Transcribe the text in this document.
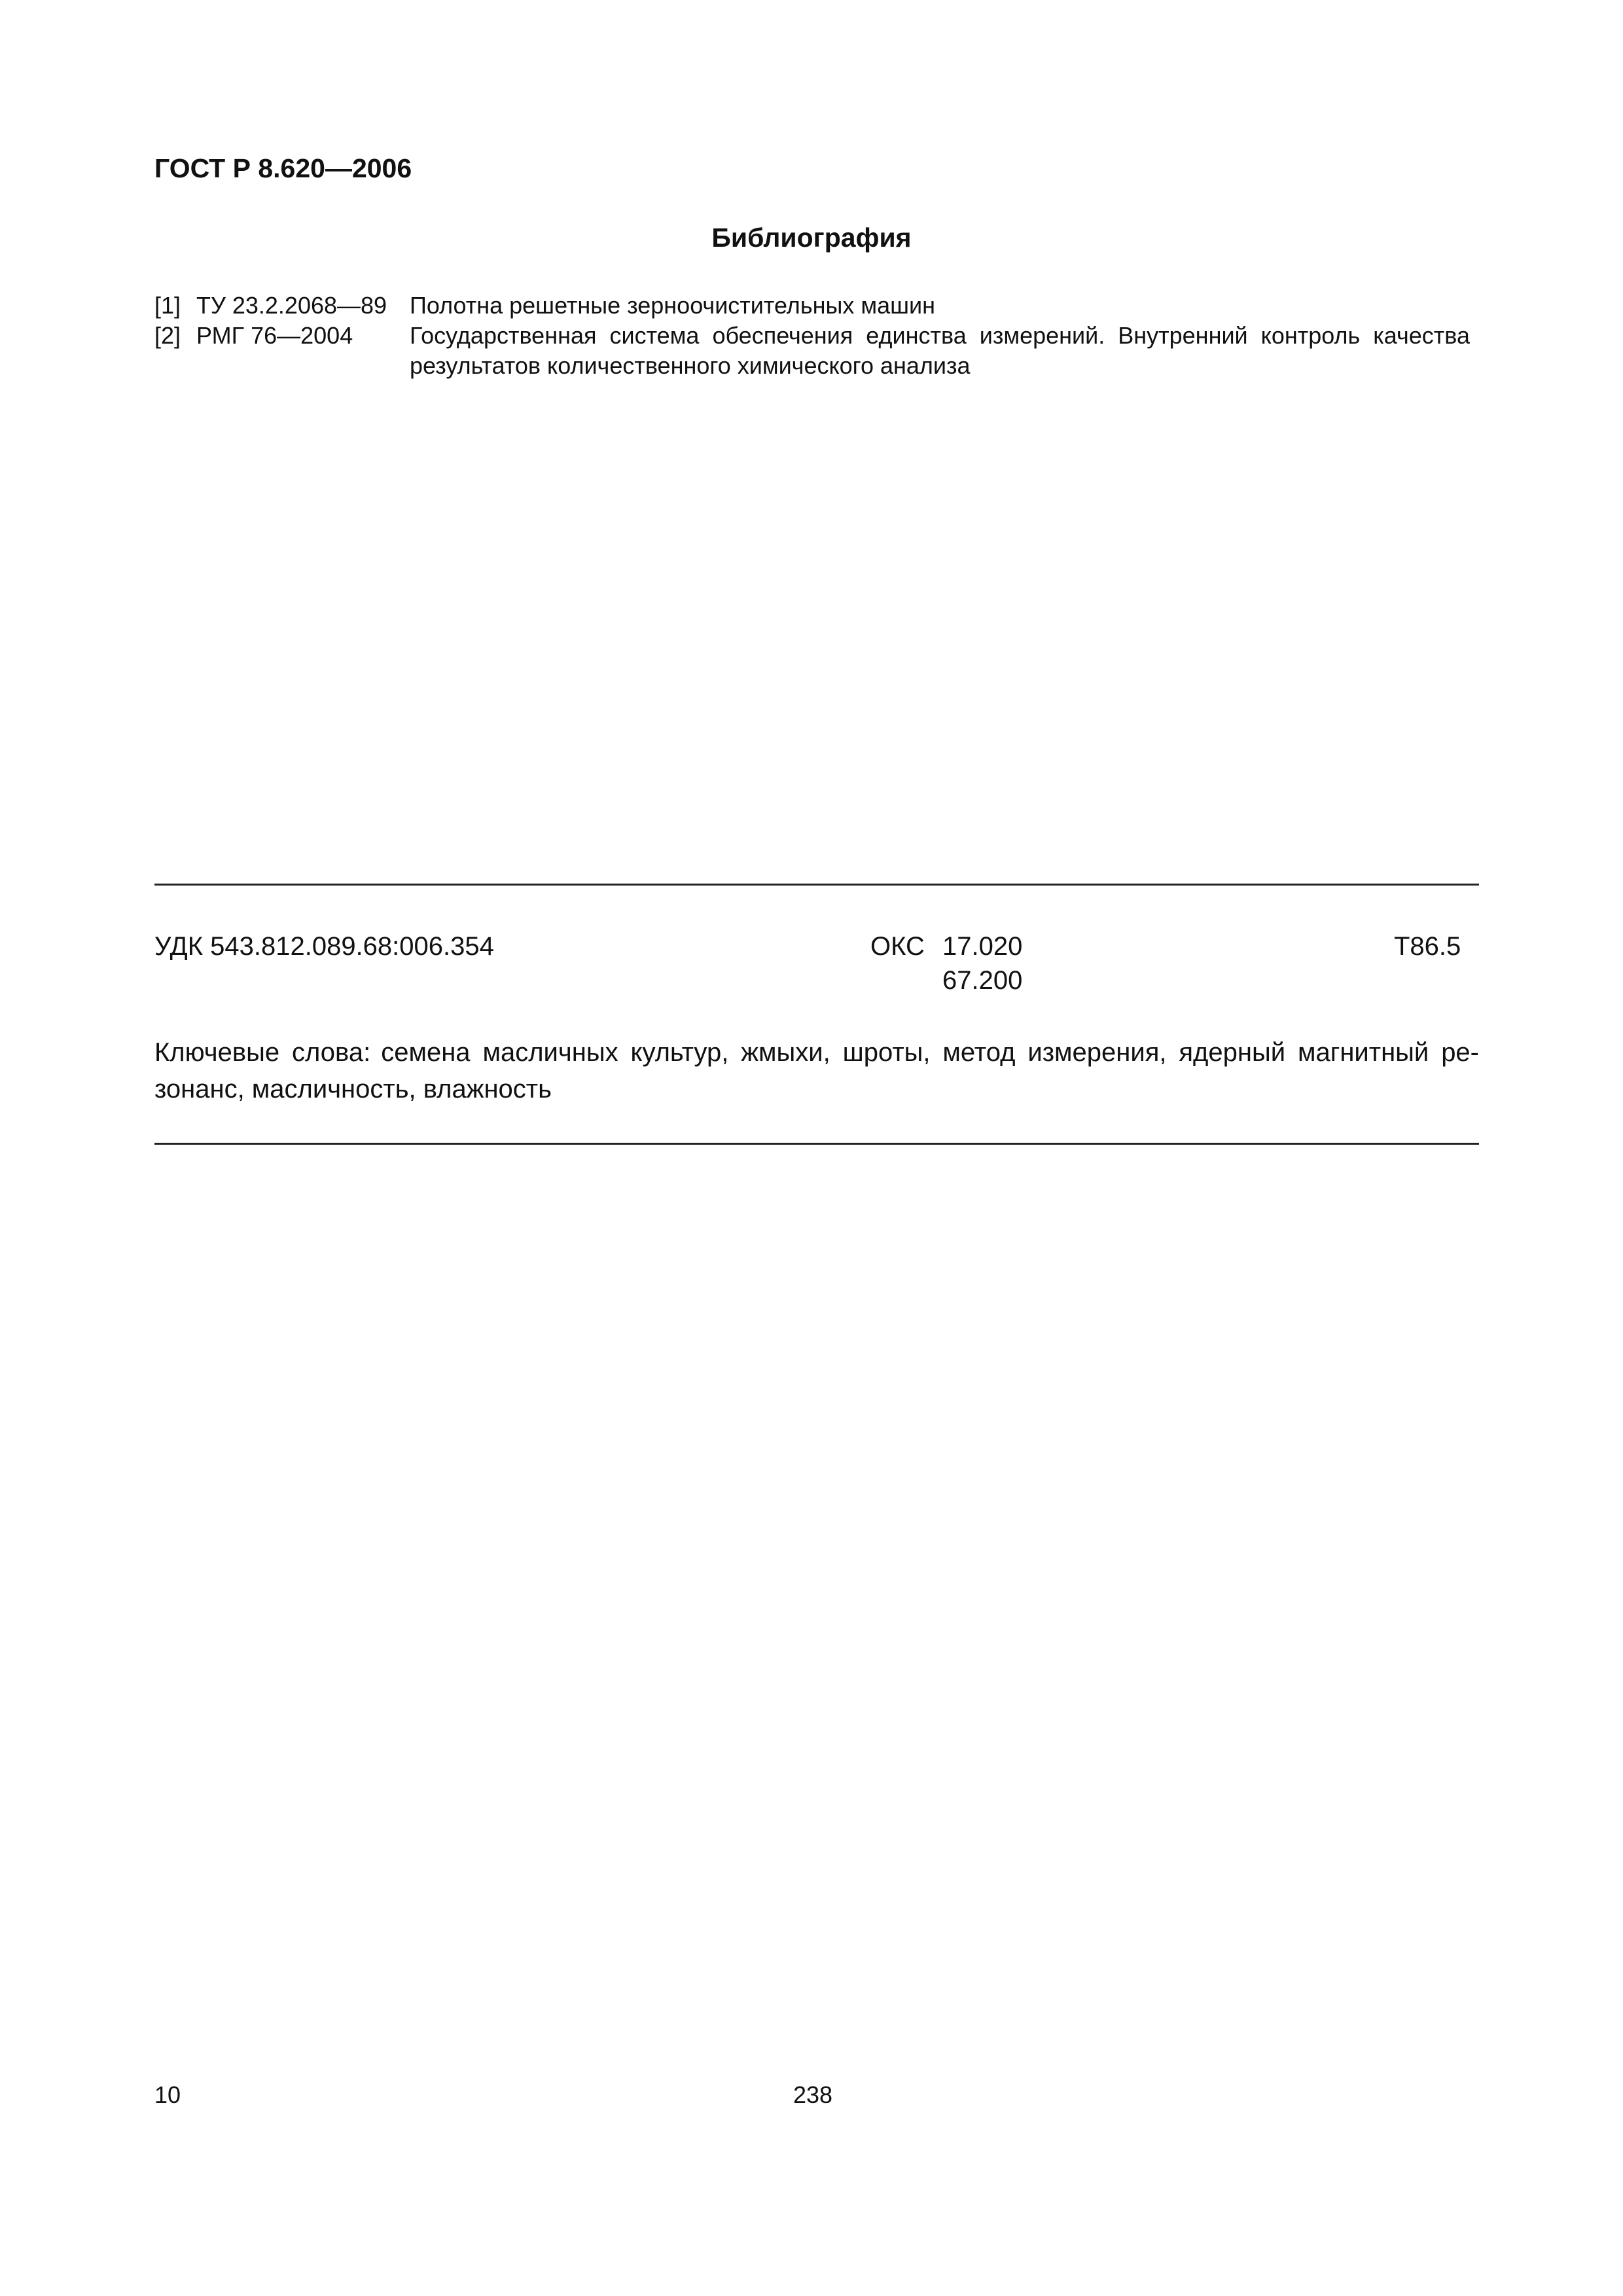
ГОСТ Р 8.620—2006
Библиография
[1] ТУ 23.2.2068—89 Полотна решетные зерноочистительных машин
[2] РМГ 76—2004 Государственная система обеспечения единства измерений. Внутренний контроль качества
результатов количественного химического анализа
УДК 543.812.089.68:006.354	ОКС 17.020
67.200
Т86.5
Ключевые слова: семена масличных культур, жмыхи, шроты, метод измерения, ядерный магнитный ре- зонанс, масличность, влажность
10	238
